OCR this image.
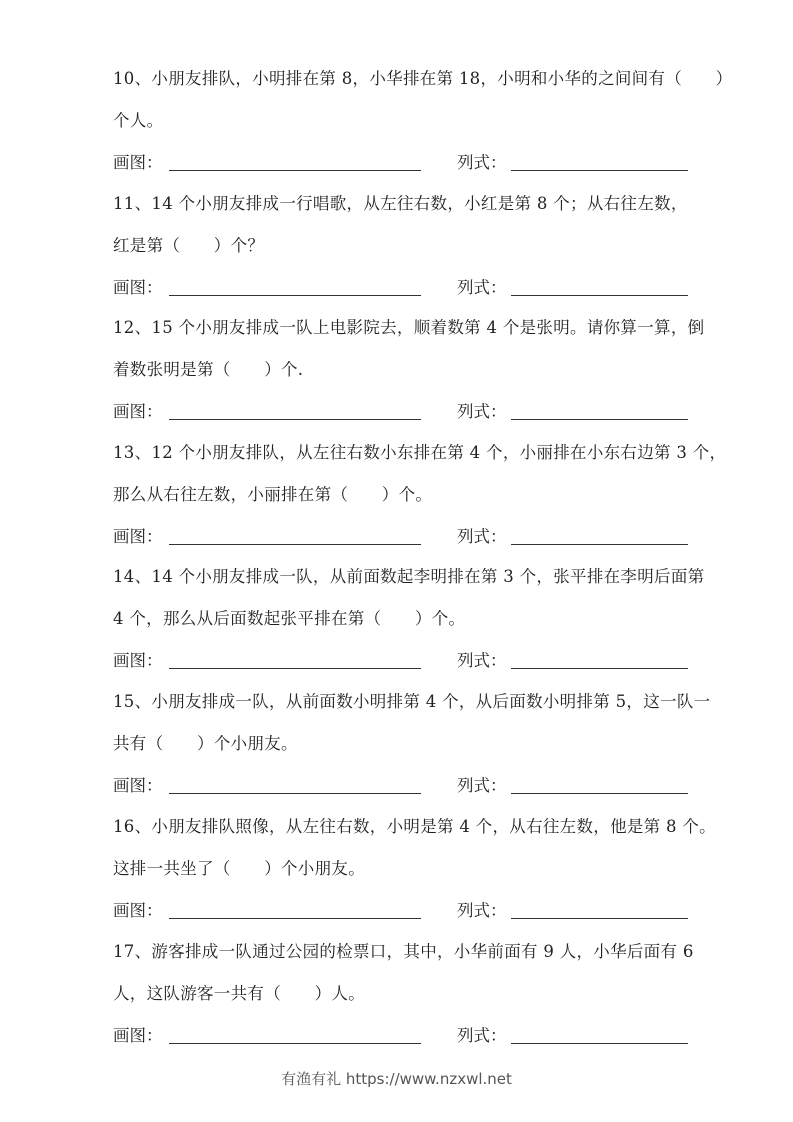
10、小朋友排队，小明排在第 8，小华排在第 18，小明和小华的之间间有（　　）
个人。
画图：	列式：
11、14 个小朋友排成一行唱歌，从左往右数，小红是第 8 个；从右往左数，
红是第（　　）个？
画图：	列式：
12、15 个小朋友排成一队上电影院去，顺着数第 4 个是张明。请你算一算，倒
着数张明是第（　　）个.
画图：	列式：
13、12 个小朋友排队，从左往右数小东排在第 4 个，小丽排在小东右边第 3 个，
那么从右往左数，小丽排在第（　　）个。
画图：	列式：
14、14 个小朋友排成一队，从前面数起李明排在第 3 个，张平排在李明后面第
4 个，那么从后面数起张平排在第（　　）个。
画图：	列式：
15、小朋友排成一队，从前面数小明排第 4 个，从后面数小明排第 5，这一队一
共有（　　）个小朋友。
画图：	列式：
16、小朋友排队照像，从左往右数，小明是第 4 个，从右往左数，他是第 8 个。
这排一共坐了（　　）个小朋友。
画图：	列式：
17、游客排成一队通过公园的检票口，其中，小华前面有 9 人，小华后面有 6
人，这队游客一共有（　　）人。
画图：	列式：
有渔有礼 https://www.nzxwl.net
